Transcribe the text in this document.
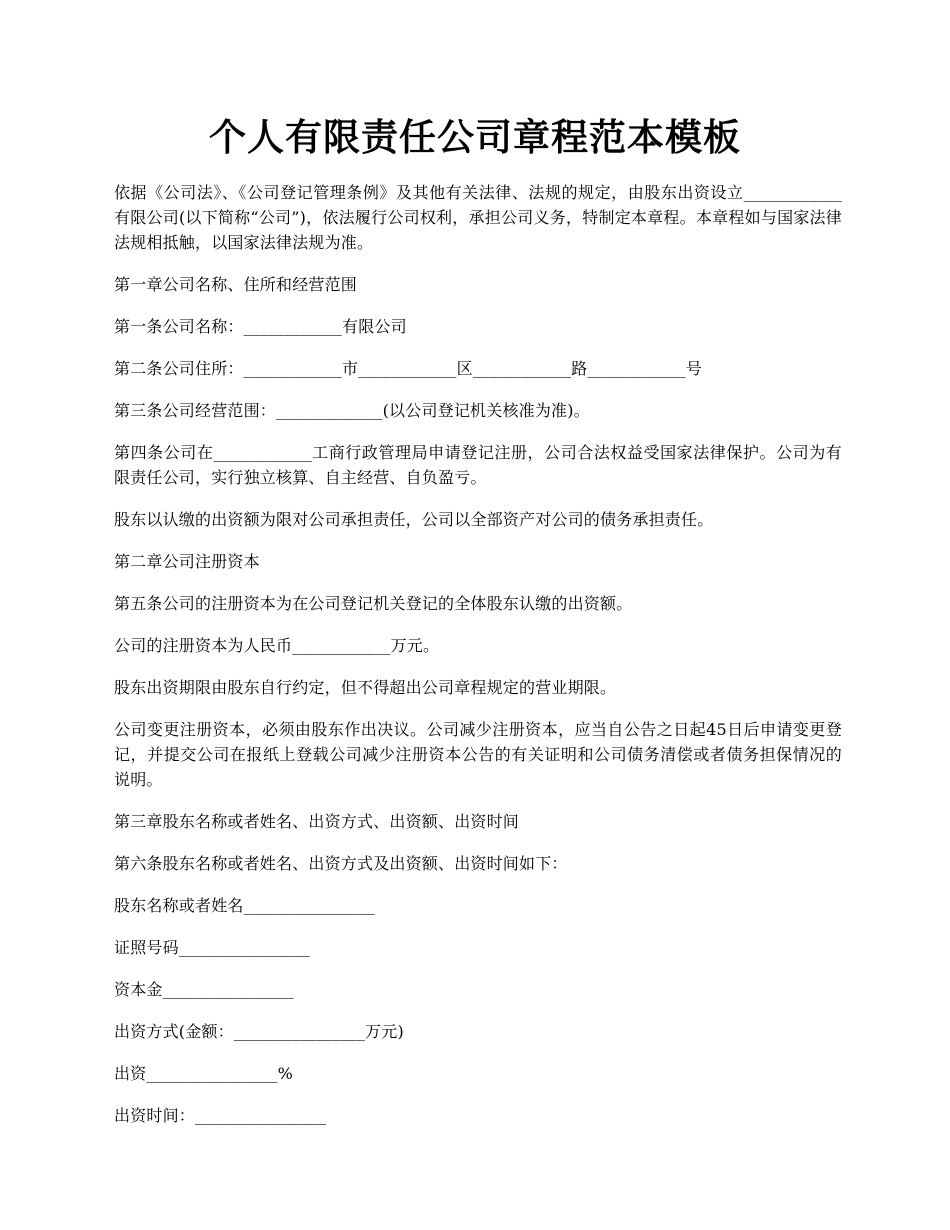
个人有限责任公司章程范本模板

依据《公司法》、《公司登记管理条例》及其他有关法律、法规的规定，由股东出资设立____________有限公司(以下简称“公司”)，依法履行公司权利，承担公司义务，特制定本章程。本章程如与国家法律法规相抵触，以国家法律法规为准。

第一章公司名称、住所和经营范围

第一条公司名称：____________有限公司

第二条公司住所：____________市____________区____________路____________号

第三条公司经营范围：_____________(以公司登记机关核准为准)。

第四条公司在____________工商行政管理局申请登记注册，公司合法权益受国家法律保护。公司为有限责任公司，实行独立核算、自主经营、自负盈亏。

股东以认缴的出资额为限对公司承担责任，公司以全部资产对公司的债务承担责任。

第二章公司注册资本

第五条公司的注册资本为在公司登记机关登记的全体股东认缴的出资额。

公司的注册资本为人民币____________万元。

股东出资期限由股东自行约定，但不得超出公司章程规定的营业期限。

公司变更注册资本，必须由股东作出决议。公司减少注册资本，应当自公告之日起45日后申请变更登记，并提交公司在报纸上登载公司减少注册资本公告的有关证明和公司债务清偿或者债务担保情况的说明。

第三章股东名称或者姓名、出资方式、出资额、出资时间

第六条股东名称或者姓名、出资方式及出资额、出资时间如下：

股东名称或者姓名________________

证照号码________________

资本金________________

出资方式(金额：________________万元)

出资________________%

出资时间：________________
